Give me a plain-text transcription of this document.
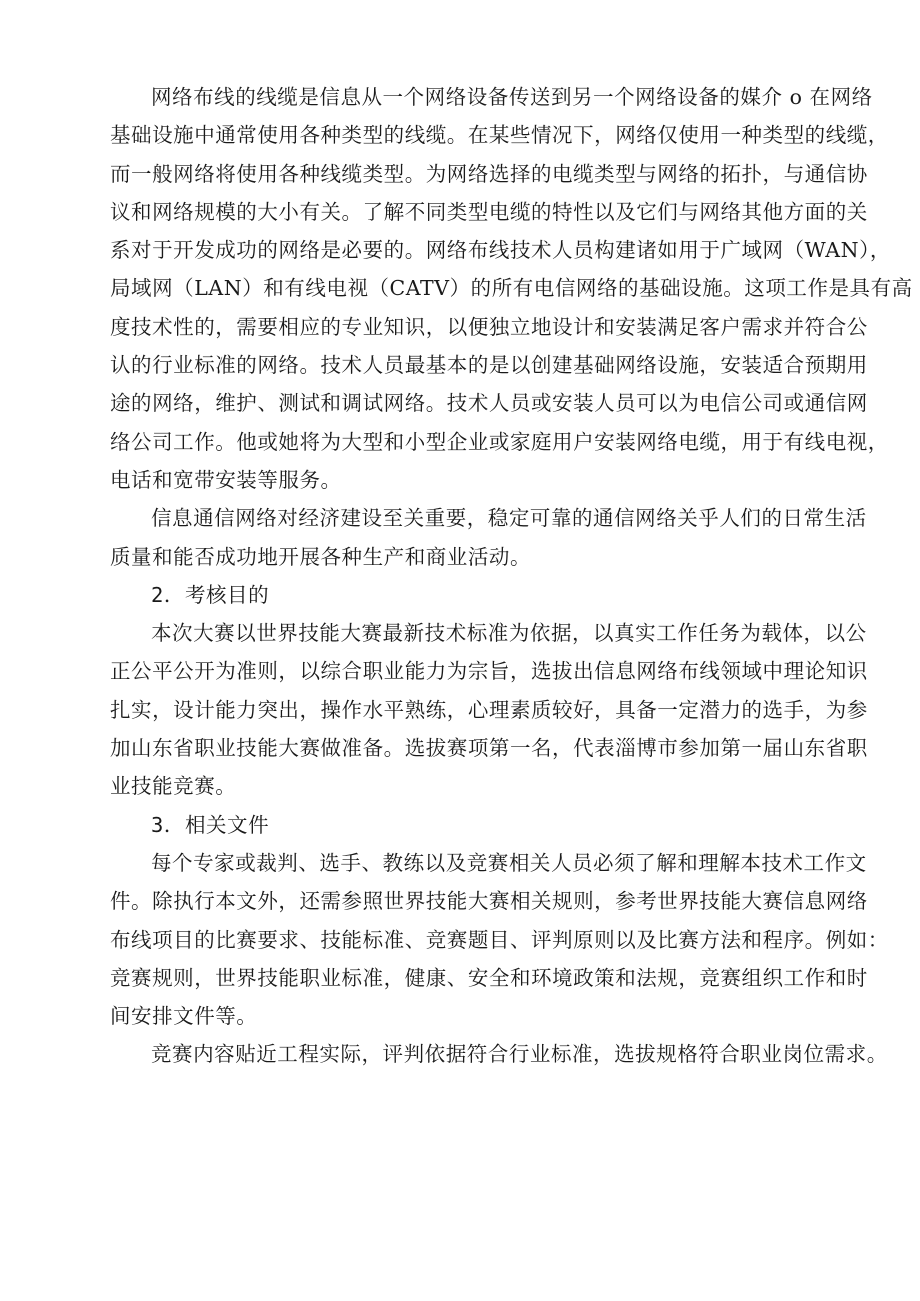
网络布线的线缆是信息从一个网络设备传送到另一个网络设备的媒介 o 在网络
基础设施中通常使用各种类型的线缆。在某些情况下，网络仅使用一种类型的线缆，
而一般网络将使用各种线缆类型。为网络选择的电缆类型与网络的拓扑，与通信协
议和网络规模的大小有关。了解不同类型电缆的特性以及它们与网络其他方面的关
系对于开发成功的网络是必要的。网络布线技术人员构建诸如用于广域网（WAN），
局域网（LAN）和有线电视（CATV）的所有电信网络的基础设施。这项工作是具有高
度技术性的，需要相应的专业知识，以便独立地设计和安装满足客户需求并符合公
认的行业标准的网络。技术人员最基本的是以创建基础网络设施，安装适合预期用
途的网络，维护、测试和调试网络。技术人员或安装人员可以为电信公司或通信网
络公司工作。他或她将为大型和小型企业或家庭用户安装网络电缆，用于有线电视，
电话和宽带安装等服务。

信息通信网络对经济建设至关重要，稳定可靠的通信网络关乎人们的日常生活
质量和能否成功地开展各种生产和商业活动。

2．考核目的

本次大赛以世界技能大赛最新技术标准为依据，以真实工作任务为载体，以公
正公平公开为准则，以综合职业能力为宗旨，选拔出信息网络布线领域中理论知识
扎实，设计能力突出，操作水平熟练，心理素质较好，具备一定潜力的选手，为参
加山东省职业技能大赛做准备。选拔赛项第一名，代表淄博市参加第一届山东省职
业技能竞赛。

3．相关文件

每个专家或裁判、选手、教练以及竞赛相关人员必须了解和理解本技术工作文
件。除执行本文外，还需参照世界技能大赛相关规则，参考世界技能大赛信息网络
布线项目的比赛要求、技能标准、竞赛题目、评判原则以及比赛方法和程序。例如：
竞赛规则，世界技能职业标准，健康、安全和环境政策和法规，竞赛组织工作和时
间安排文件等。

竞赛内容贴近工程实际，评判依据符合行业标准，选拔规格符合职业岗位需求。
